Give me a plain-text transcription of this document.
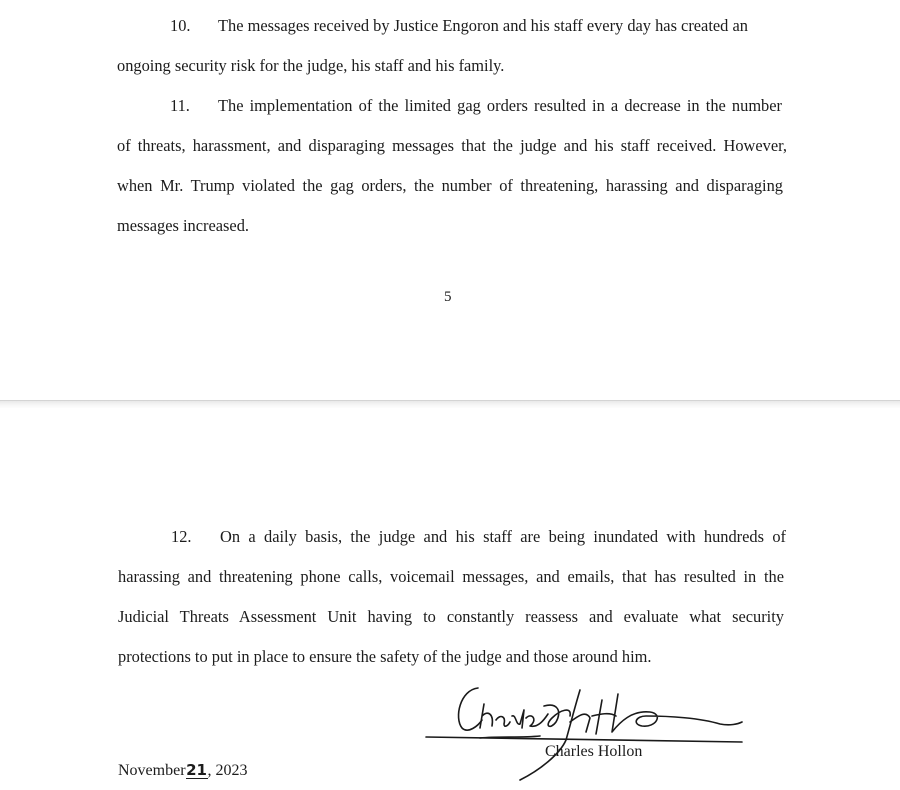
10. The messages received by Justice Engoron and his staff every day has created an
ongoing security risk for the judge, his staff and his family.
11. The implementation of the limited gag orders resulted in a decrease in the number
of threats, harassment, and disparaging messages that the judge and his staff received. However,
when Mr. Trump violated the gag orders, the number of threatening, harassing and disparaging
messages increased.
5
12. On a daily basis, the judge and his staff are being inundated with hundreds of
harassing and threatening phone calls, voicemail messages, and emails, that has resulted in the
Judicial Threats Assessment Unit having to constantly reassess and evaluate what security
protections to put in place to ensure the safety of the judge and those around him.
Charles Hollon
November21, 2023
